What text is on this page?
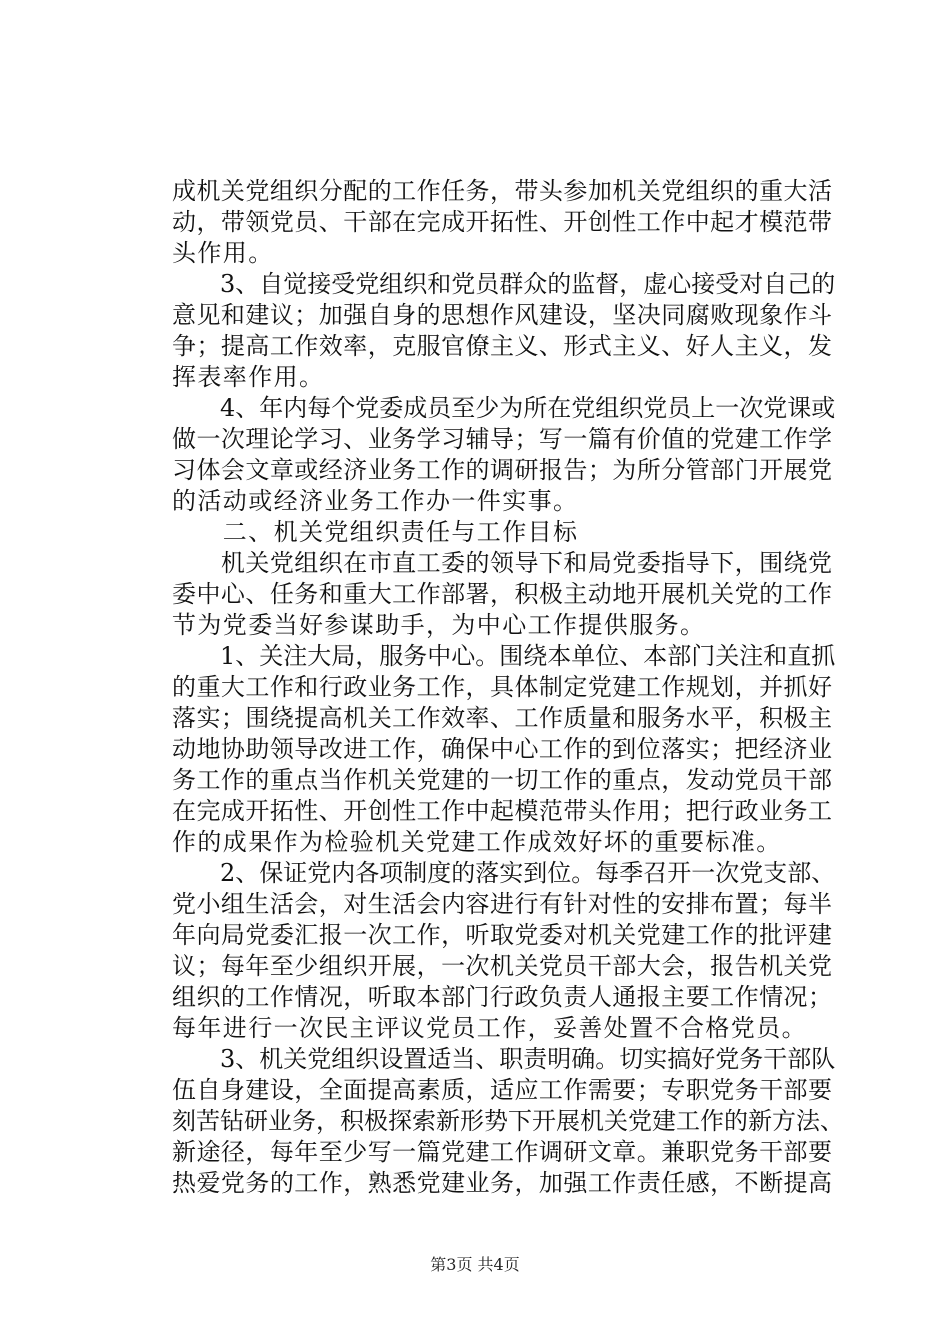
成机关党组织分配的工作任务，带头参加机关党组织的重大活
动，带领党员、干部在完成开拓性、开创性工作中起才模范带
头作用。
　　3、自觉接受党组织和党员群众的监督，虚心接受对自己的
意见和建议；加强自身的思想作风建设，坚决同腐败现象作斗
争；提高工作效率，克服官僚主义、形式主义、好人主义，发
挥表率作用。
　　4、年内每个党委成员至少为所在党组织党员上一次党课或
做一次理论学习、业务学习辅导；写一篇有价值的党建工作学
习体会文章或经济业务工作的调研报告；为所分管部门开展党
的活动或经济业务工作办一件实事。
　　二、机关党组织责任与工作目标
　　机关党组织在市直工委的领导下和局党委指导下，围绕党
委中心、任务和重大工作部署，积极主动地开展机关党的工作
节为党委当好参谋助手，为中心工作提供服务。
　　1、关注大局，服务中心。围绕本单位、本部门关注和直抓
的重大工作和行政业务工作，具体制定党建工作规划，并抓好
落实；围绕提高机关工作效率、工作质量和服务水平，积极主
动地协助领导改进工作，确保中心工作的到位落实；把经济业
务工作的重点当作机关党建的一切工作的重点，发动党员干部
在完成开拓性、开创性工作中起模范带头作用；把行政业务工
作的成果作为检验机关党建工作成效好坏的重要标准。
　　2、保证党内各项制度的落实到位。每季召开一次党支部、
党小组生活会，对生活会内容进行有针对性的安排布置；每半
年向局党委汇报一次工作，听取党委对机关党建工作的批评建
议；每年至少组织开展，一次机关党员干部大会，报告机关党
组织的工作情况，听取本部门行政负责人通报主要工作情况；
每年进行一次民主评议党员工作，妥善处置不合格党员。
　　3、机关党组织设置适当、职责明确。切实搞好党务干部队
伍自身建设，全面提高素质，适应工作需要；专职党务干部要
刻苦钻研业务，积极探索新形势下开展机关党建工作的新方法、
新途径，每年至少写一篇党建工作调研文章。兼职党务干部要
热爱党务的工作，熟悉党建业务，加强工作责任感，不断提高
第3页 共4页
